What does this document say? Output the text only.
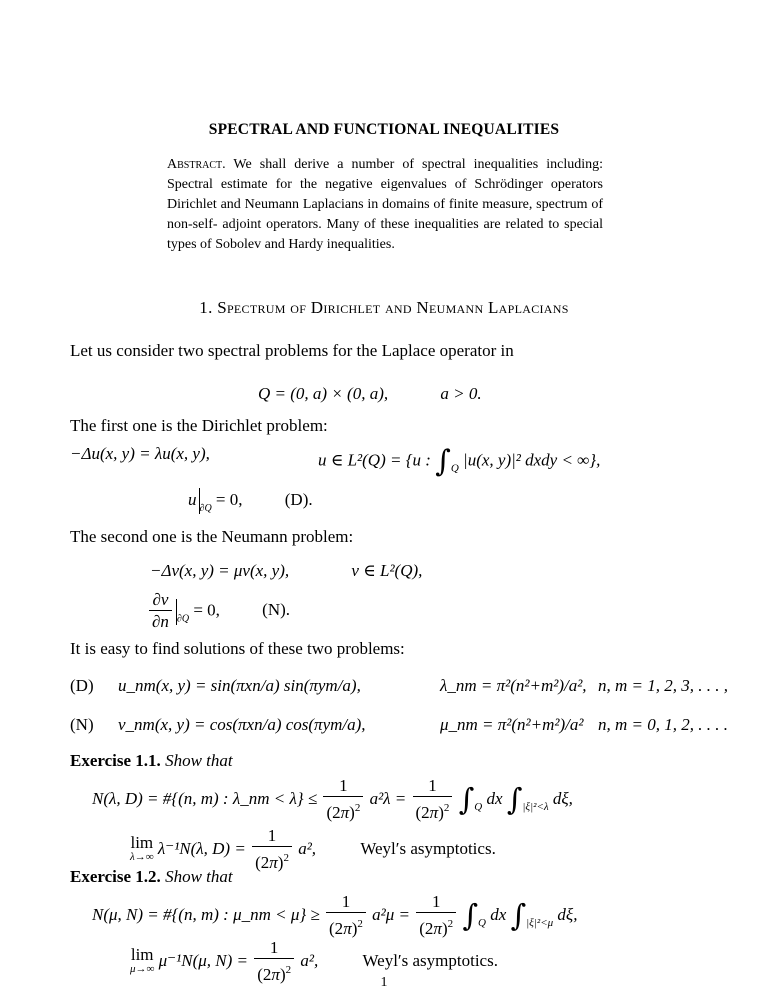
SPECTRAL AND FUNCTIONAL INEQUALITIES
Abstract. We shall derive a number of spectral inequalities including: Spectral estimate for the negative eigenvalues of Schrödinger operators Dirichlet and Neumann Laplacians in domains of finite measure, spectrum of non-self- adjoint operators. Many of these inequalities are related to special types of Sobolev and Hardy inequalities.
1. Spectrum of Dirichlet and Neumann Laplacians
Let us consider two spectral problems for the Laplace operator in
Q = (0, a) × (0, a),	a > 0.
The first one is the Dirichlet problem:
−Δu(x, y) = λu(x, y),	u ∈ L²(Q) = {u : $\int_Q$ |u(x, y)|² dxdy < ∞},
u $_{\partial Q}$ = 0, (D).
The second one is the Neumann problem:
−Δv(x, y) = μv(x, y),	v ∈ L²(Q),
$\frac{\partial v}{\partial n} _{\partial Q} = 0$, (N).
It is easy to find solutions of these two problems:
(D) u_nm(x, y) = sin(πxn/a) sin(πym/a),	λ_nm = π²(n²+m²)/a², n, m = 1, 2, 3, . . . ,
(N) v_nm(x, y) = cos(πxn/a) cos(πym/a),	μ_nm = π²(n²+m²)/a² n, m = 0, 1, 2, . . . .
Exercise 1.1. Show that
N(λ, D) = #{(n, m) : λ_nm < $\lambda\} \le \frac{1}{(2\pi)^2} a^2\lambda = \frac{1}{(2\pi)^2} \int_Q$ dx $\int_{|\xi|^2<\lambda}$ dξ,
lim
λ→∞ λ⁻¹N(λ, $D) = \frac{1}{(2\pi)^2} a^2$,	Weyl′s asymptotics.
Exercise 1.2. Show that
N(μ, N) = #{(n, m) : μ_nm < $\mu\} \ge \frac{1}{(2\pi)^2} a^2\mu = \frac{1}{(2\pi)^2} \int_Q$ dx $\int_{|\xi|^2<\mu}$ dξ,
lim
μ→∞ μ⁻¹N(μ, $N) = \frac{1}{(2\pi)^2} a^2$,	Weyl′s asymptotics.
1
